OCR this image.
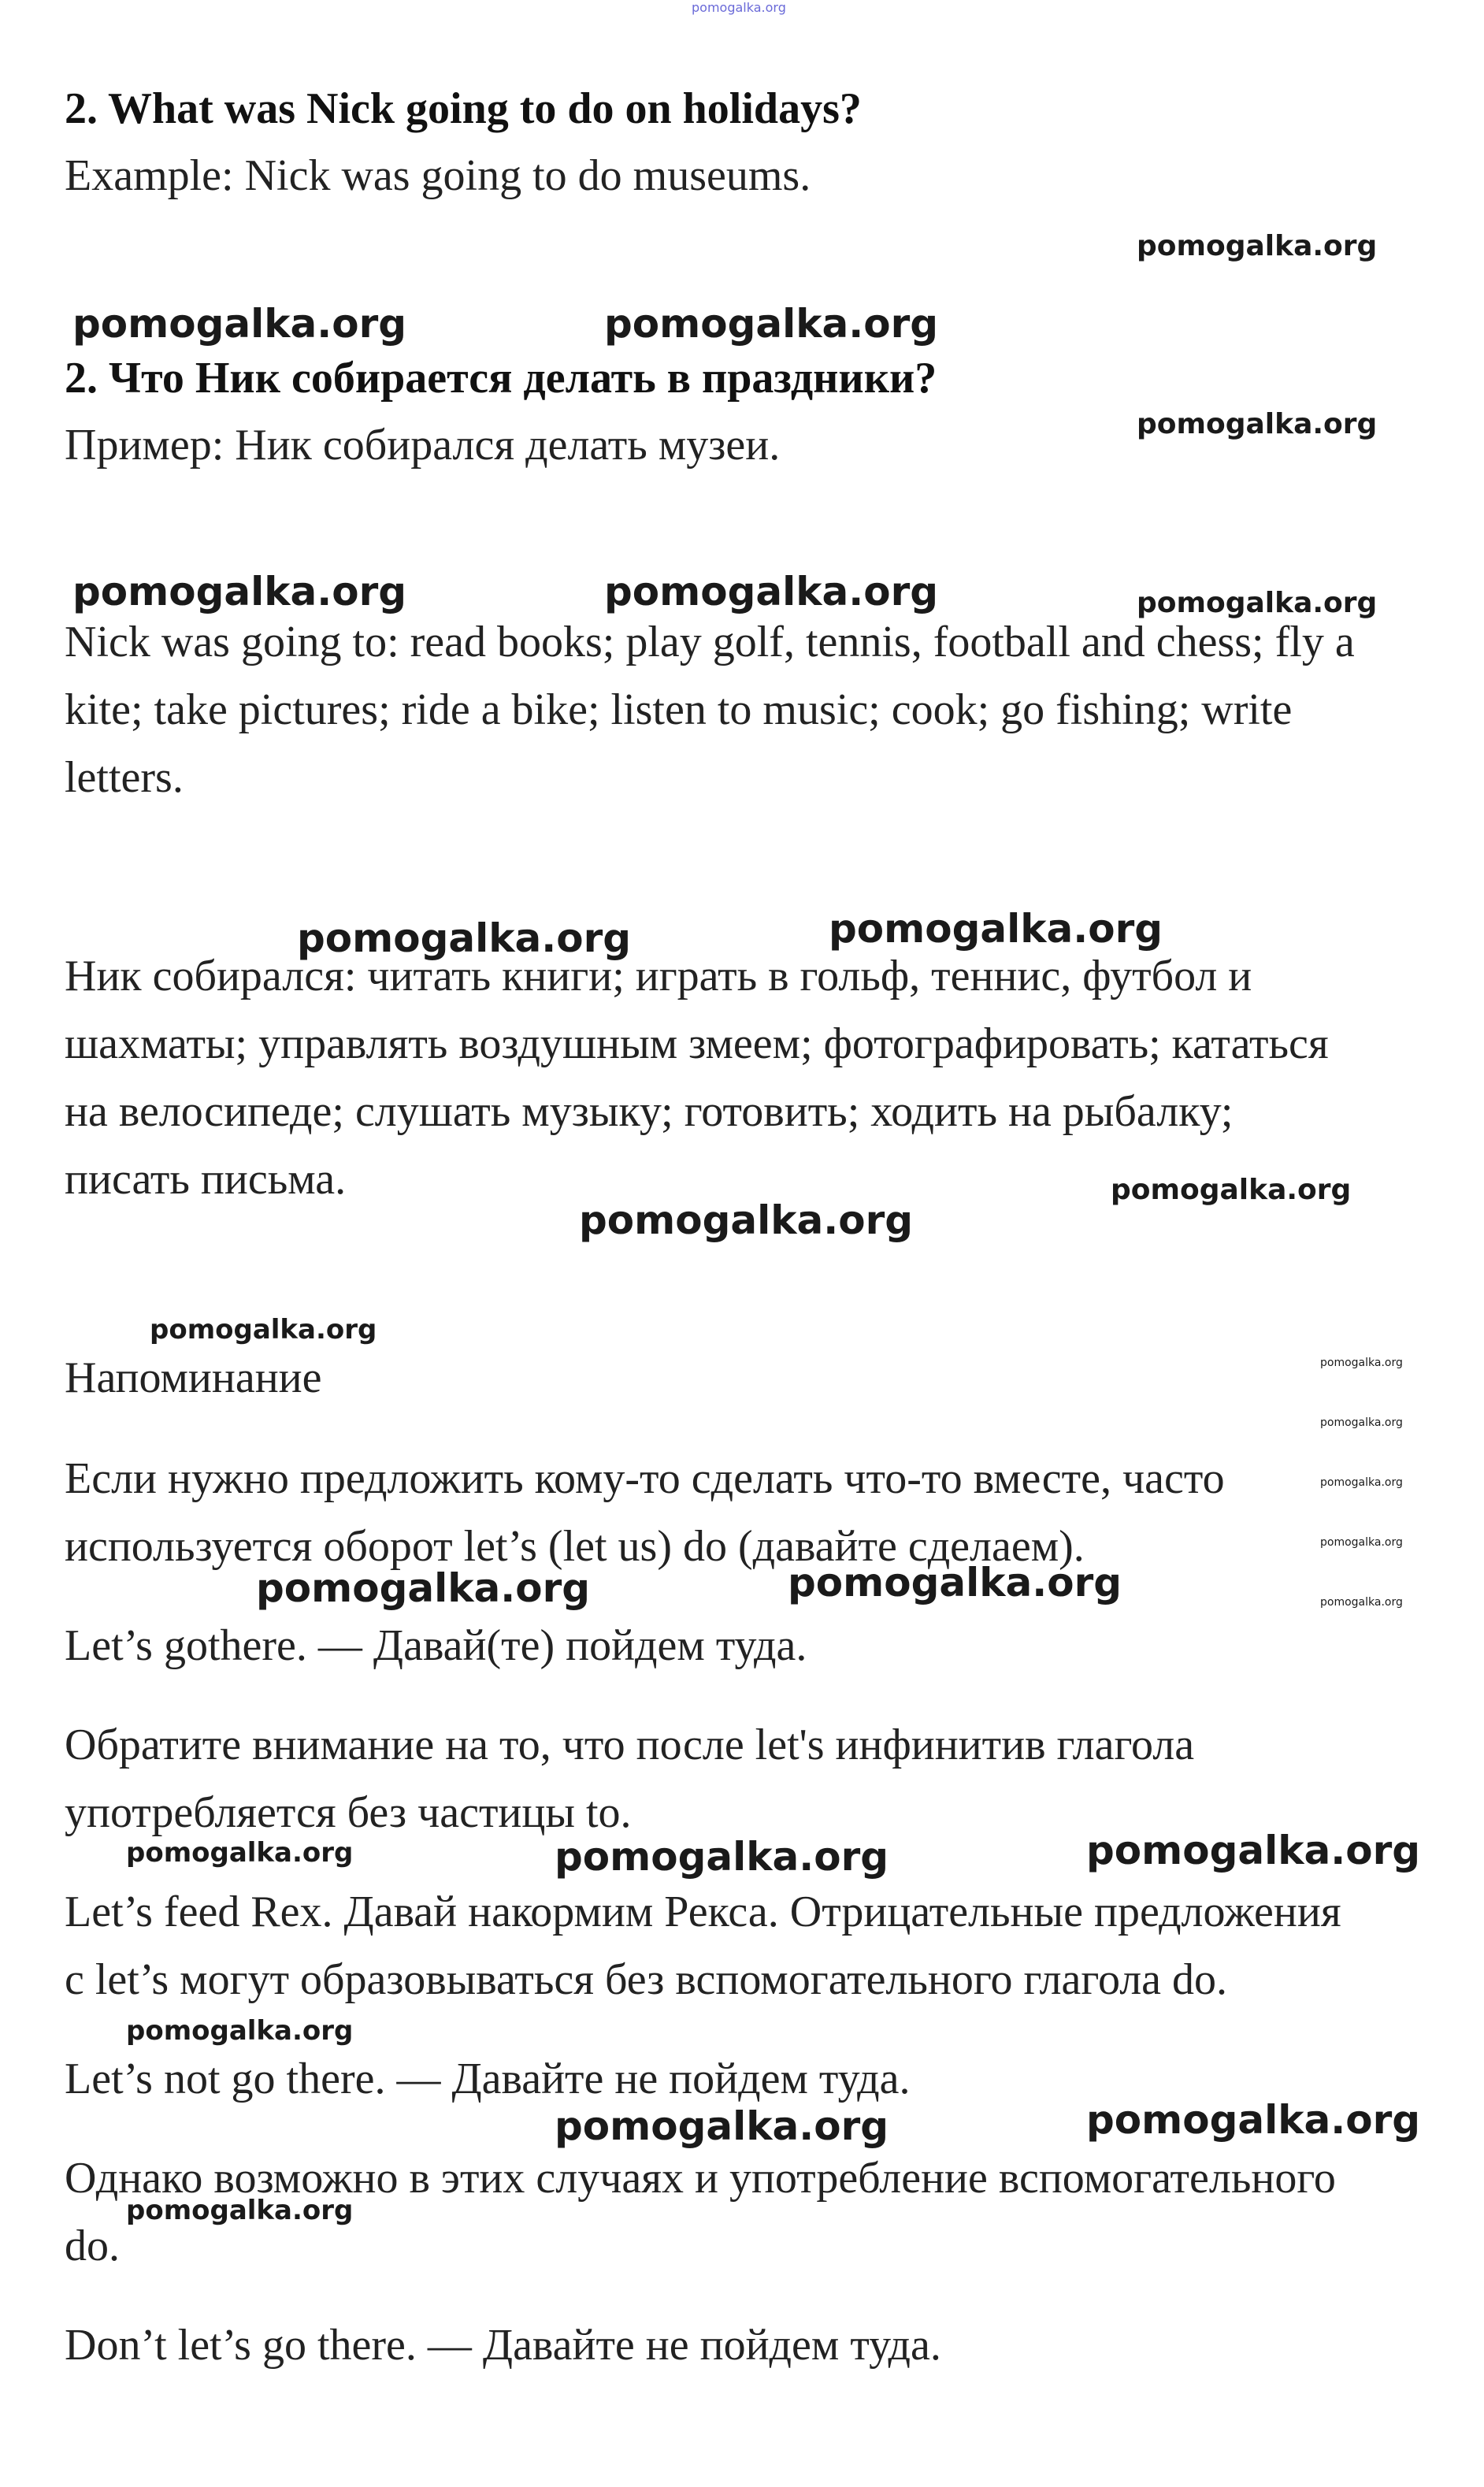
pomogalka.org
2. What was Nick going to do on holidays?
Example: Nick was going to do museums.
pomogalka.org
pomogalka.org	pomogalka.org
2. Что Ник собирается делать в праздники?
pomogalka.org
Пример: Ник собирался делать музеи.
pomogalka.org	pomogalka.org	pomogalka.org
Nick was going to: read books; play golf, tennis, football and chess; fly a
kite; take pictures; ride a bike; listen to music; cook; go fishing; write
letters.
pomogalka.org
pomogalka.org
Ник собирался: читать книги; играть в гольф, теннис, футбол и
шахматы; управлять воздушным змеем; фотографировать; кататься
на велосипеде; слушать музыку; готовить; ходить на рыбалку;
писать письма.	pomogalka.org
pomogalka.org
pomogalka.org
Напоминание	pomogalka.org
pomogalka.org
pomogalka.org
pomogalka.org
pomogalka.org
Если нужно предложить кому-то сделать что-то вместе, часто
используется оборот let’s (let us) do (давайте сделаем).
pomogalka.org
pomogalka.org
Let’s gothere. — Давай(те) пойдем туда.
Обратите внимание на то, что после let's инфинитив глагола
употребляется без частицы to.
pomogalka.org	pomogalka.org	pomogalka.org
Let’s feed Rex. Давай накормим Рекса. Отрицательные предложения
с let’s могут образовываться без вспомогательного глагола do.
pomogalka.org
Let’s not go there. — Давайте не пойдем туда.
pomogalka.org	pomogalka.org
Однако возможно в этих случаях и употребление вспомогательного
pomogalka.org
do.
Don’t let’s go there. — Давайте не пойдем туда.
